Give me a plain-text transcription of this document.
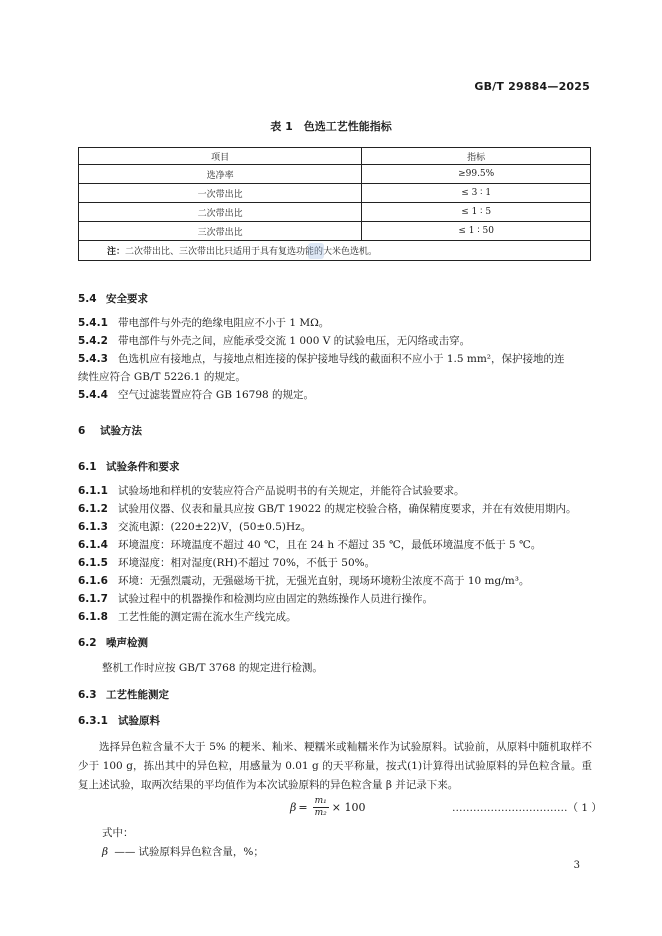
GB/T 29884—2025
表 1　色选工艺性能指标
项目	指标
选净率	≥99.5%
一次带出比	≤ 3 ∶ 1
二次带出比	≤ 1 ∶ 5
三次带出比	≤ 1 ∶ 50
注：二次带出比、三次带出比只适用于具有复选功能的大米色选机。	
5.4 安全要求
5.4.1 带电部件与外壳的绝缘电阻应不小于 1 MΩ。
5.4.2 带电部件与外壳之间，应能承受交流 1 000 V 的试验电压，无闪络或击穿。
5.4.3 色选机应有接地点，与接地点相连接的保护接地导线的截面积不应小于 1.5 mm²，保护接地的连
续性应符合 GB/T 5226.1 的规定。
5.4.4 空气过滤装置应符合 GB 16798 的规定。
6 试验方法
6.1 试验条件和要求
6.1.1 试验场地和样机的安装应符合产品说明书的有关规定，并能符合试验要求。
6.1.2 试验用仪器、仪表和量具应按 GB/T 19022 的规定校验合格，确保精度要求，并在有效使用期内。
6.1.3 交流电源：(220±22)V，(50±0.5)Hz。
6.1.4 环境温度：环境温度不超过 40 ℃，且在 24 h 不超过 35 ℃，最低环境温度不低于 5 ℃。
6.1.5 环境湿度：相对湿度(RH)不超过 70%，不低于 50%。
6.1.6 环境：无强烈震动，无强磁场干扰，无强光直射，现场环境粉尘浓度不高于 10 mg/m³。
6.1.7 试验过程中的机器操作和检测均应由固定的熟练操作人员进行操作。
6.1.8 工艺性能的测定需在流水生产线完成。
6.2 噪声检测
整机工作时应按 GB/T 3768 的规定进行检测。
6.3 工艺性能测定
6.3.1 试验原料
选择异色粒含量不大于 5% 的粳米、籼米、粳糯米或籼糯米作为试验原料。试验前，从原料中随机取样不少于 100 g，拣出其中的异色粒，用感量为 0.01 g 的天平称量，按式(1)计算得出试验原料的异色粒含量。重复上述试验，取两次结果的平均值作为本次试验原料的异色粒含量 β 并记录下来。
$\beta = \frac{\text{m₁}}{\text{m₂}} \times 100$	……………………………（ 1 ）
式中：
β —— 试验原料异色粒含量，%；
3
